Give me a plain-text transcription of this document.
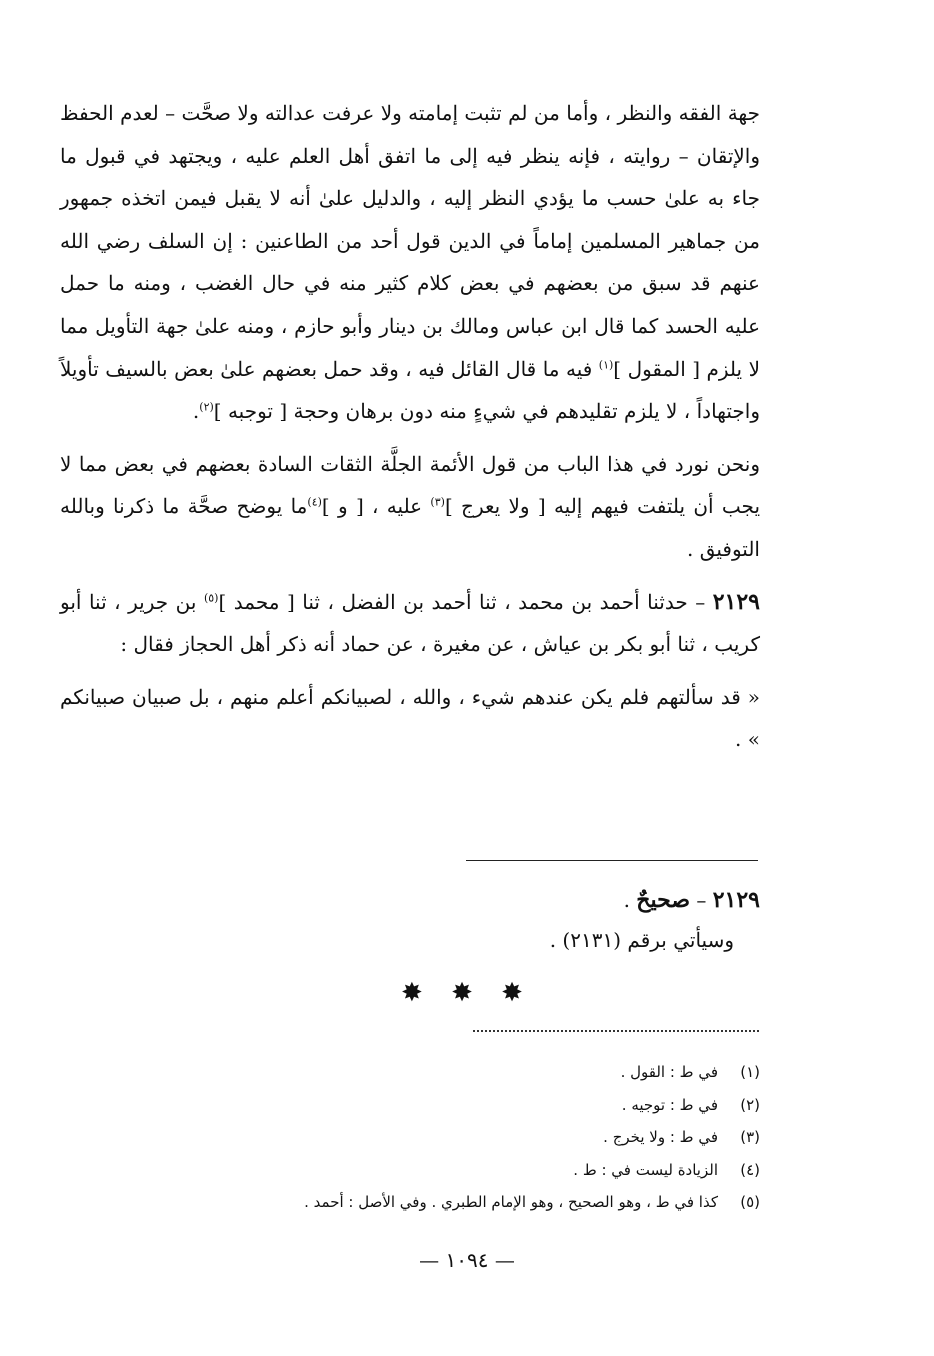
جهة الفقه والنظر ، وأما من لم تثبت إمامته ولا عرفت عدالته ولا صحَّت – لعدم الحفظ والإتقان – روايته ، فإنه ينظر فيه إلى ما اتفق أهل العلم عليه ، ويجتهد في قبول ما جاء به علىٰ حسب ما يؤدي النظر إليه ، والدليل علىٰ أنه لا يقبل فيمن اتخذه جمهور من جماهير المسلمين إماماً في الدين قول أحد من الطاعنين : إن السلف رضي الله عنهم قد سبق من بعضهم في بعض كلام كثير منه في حال الغضب ، ومنه ما حمل عليه الحسد كما قال ابن عباس ومالك بن دينار وأبو حازم ، ومنه علىٰ جهة التأويل مما لا يلزم [ المقول ]$^{(١)}$ فيه ما قال القائل فيه ، وقد حمل بعضهم علىٰ بعض بالسيف تأويلاً واجتهاداً ، لا يلزم تقليدهم في شيءٍ منه دون برهان وحجة [ توجبه ]$^{(٢)}$.

ونحن نورد في هذا الباب من قول الأئمة الجلَّة الثقات السادة بعضهم في بعض مما لا يجب أن يلتفت فيهم إليه [ ولا يعرج ]$^{(٣)}$ عليه ، [ و ]$^{(٤)}$ما يوضح صحَّة ما ذكرنا وبالله التوفيق .

٢١٢٩ – حدثنا أحمد بن محمد ، ثنا أحمد بن الفضل ، ثنا [ محمد ]$^{(٥)}$ بن جرير ، ثنا أبو كريب ، ثنا أبو بكر بن عياش ، عن مغيرة ، عن حماد أنه ذكر أهل الحجاز فقال :

« قد سألتهم فلم يكن عندهم شيء ، والله ، لصبيانكم أعلم منهم ، بل صبيان صبيانكم » .

٢١٢٩ – صحيحٌ .
وسيأتي برقم (٢١٣١) .
✸ ✸ ✸
(١)في ط : القول .
(٢)في ط : توجيه .
(٣)في ط : ولا يخرج .
(٤)الزيادة ليست في : ط .
(٥)كذا في ط ، وهو الصحيح ، وهو الإمام الطبري . وفي الأصل : أحمد .
— ١٠٩٤ —
